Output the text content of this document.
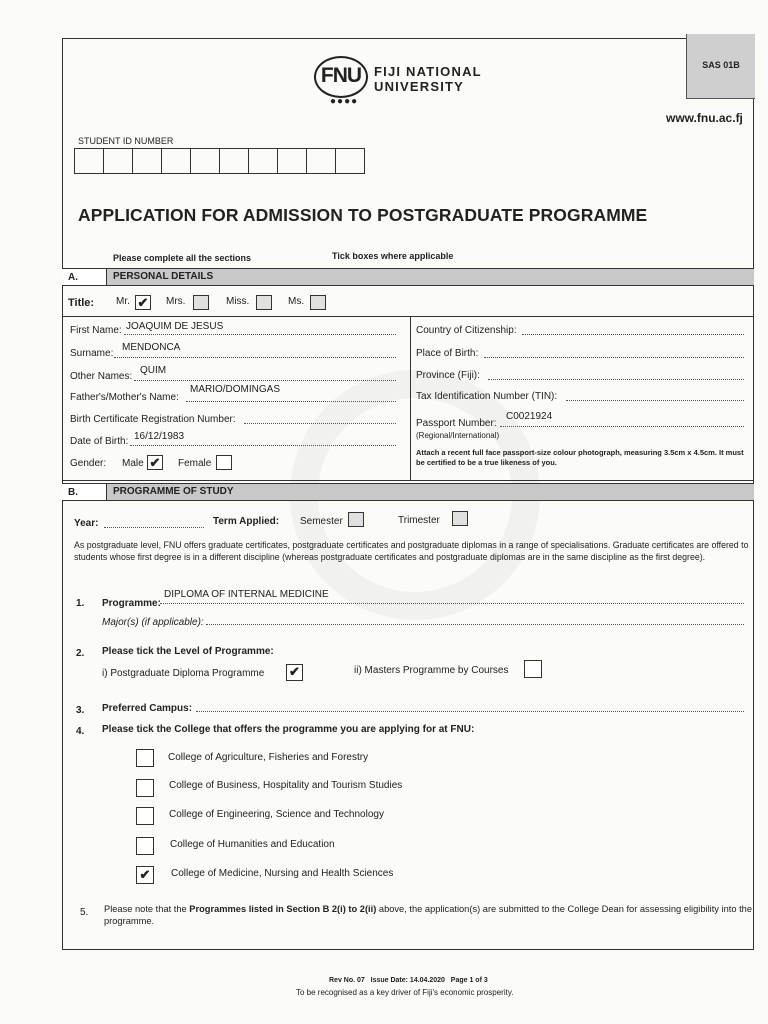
SAS 01B
FNU
●●●●
FIJI NATIONAL
UNIVERSITY
www.fnu.ac.fj
STUDENT ID NUMBER
APPLICATION FOR ADMISSION TO POSTGRADUATE PROGRAMME
Please complete all the sections	Tick boxes where applicable
A.	PERSONAL DETAILS
Title: Mr. ✔ Mrs.	Miss.	Ms.
First Name: JOAQUIM DE JESUS
Surname:
MENDONCA
Other Names:
QUIM
Father's/Mother's Name:
MARIO/DOMINGAS
Birth Certificate Registration Number:
Date of Birth: 16/12/1983
Gender: Male ✔ Female
Country of Citizenship:
Place of Birth:
Province (Fiji):
Tax Identification Number (TIN):
Passport Number:
C0021924
(Regional/International)
Attach a recent full face passport-size colour photograph, measuring 3.5cm x 4.5cm. It must be certified to be a true likeness of you.
B.	PROGRAMME OF STUDY
Year:	Term Applied: Semester	Trimester
As postgraduate level, FNU offers graduate certificates, postgraduate certificates and postgraduate diplomas in a range of specialisations. Graduate certificates are offered to students whose first degree is in a different discipline (whereas postgraduate certificates and postgraduate diplomas are in the same discipline as the first degree).
1. Programme:
DIPLOMA OF INTERNAL MEDICINE
Major(s) (if applicable):
2. Please tick the Level of Programme:
i) Postgraduate Diploma Programme ✔	ii) Masters Programme by Courses
3. Preferred Campus:
4. Please tick the College that offers the programme you are applying for at FNU:
College of Agriculture, Fisheries and Forestry
College of Business, Hospitality and Tourism Studies
College of Engineering, Science and Technology
College of Humanities and Education
✔	College of Medicine, Nursing and Health Sciences
5. Please note that the Programmes listed in Section B 2(i) to 2(ii) above, the application(s) are submitted to the College Dean for assessing eligibility into the programme.
Rev No. 07   Issue Date: 14.04.2020   Page 1 of 3
To be recognised as a key driver of Fiji's economic prosperity.
